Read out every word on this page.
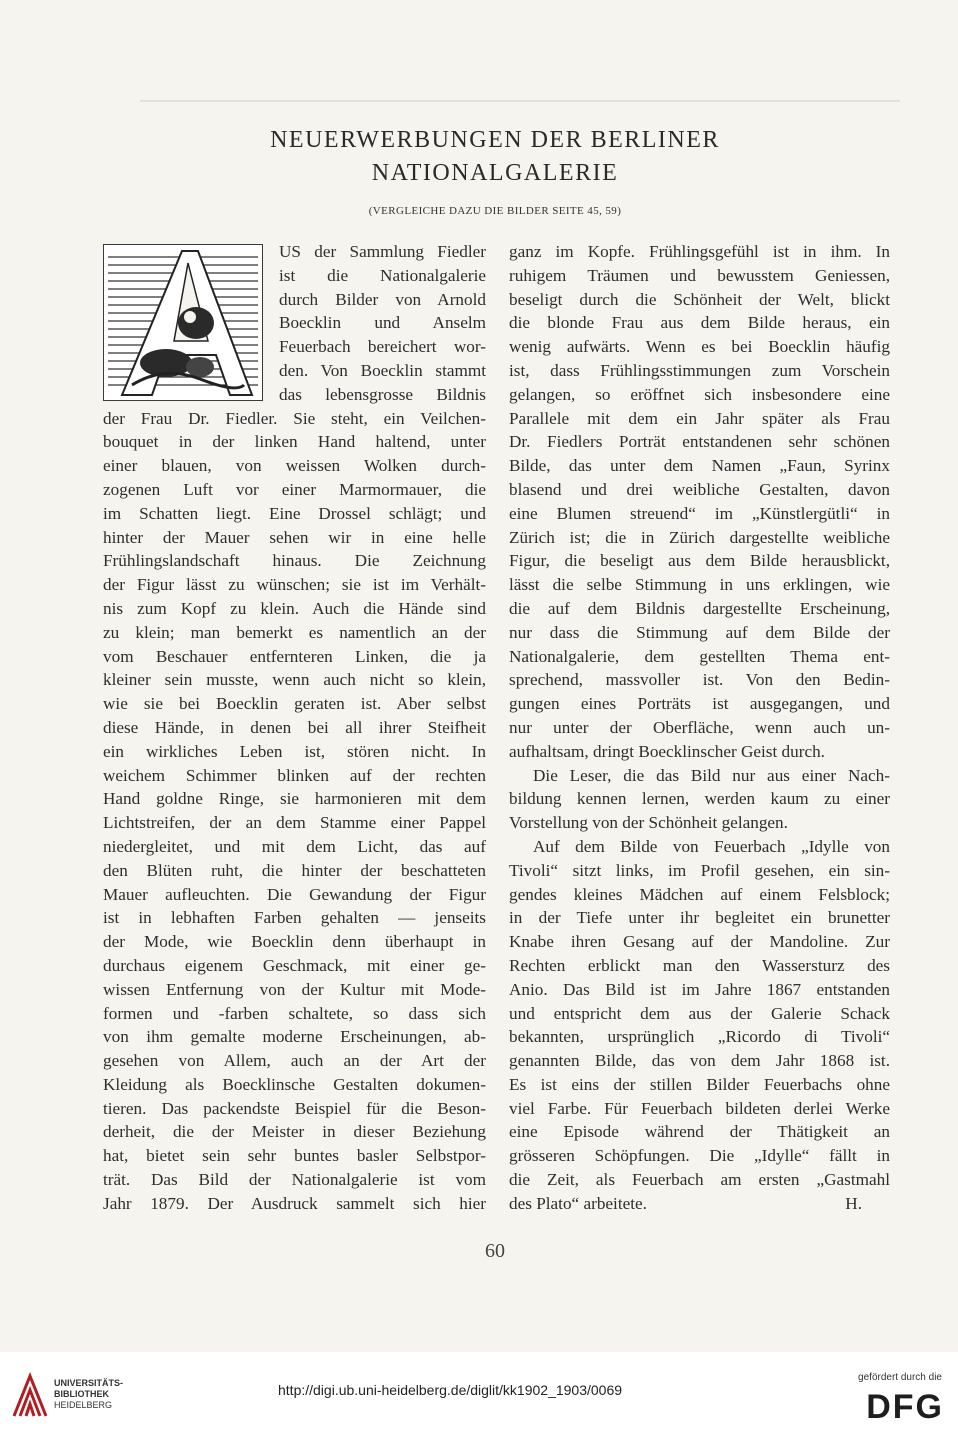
NEUERWERBUNGEN DER BERLINER
NATIONALGALERIE
(VERGLEICHE DAZU DIE BILDER SEITE 45, 59)
US der Sammlung Fiedler
ist die Nationalgalerie
durch Bilder von Arnold
Boecklin und Anselm
Feuerbach bereichert wor-
den. Von Boecklin stammt
das lebensgrosse Bildnis
der Frau Dr. Fiedler. Sie steht, ein Veilchen-
bouquet in der linken Hand haltend, unter
einer blauen, von weissen Wolken durch-
zogenen Luft vor einer Marmormauer, die
im Schatten liegt. Eine Drossel schlägt; und
hinter der Mauer sehen wir in eine helle
Frühlingslandschaft hinaus. Die Zeichnung
der Figur lässt zu wünschen; sie ist im Verhält-
nis zum Kopf zu klein. Auch die Hände sind
zu klein; man bemerkt es namentlich an der
vom Beschauer entfernteren Linken, die ja
kleiner sein musste, wenn auch nicht so klein,
wie sie bei Boecklin geraten ist. Aber selbst
diese Hände, in denen bei all ihrer Steifheit
ein wirkliches Leben ist, stören nicht. In
weichem Schimmer blinken auf der rechten
Hand goldne Ringe, sie harmonieren mit dem
Lichtstreifen, der an dem Stamme einer Pappel
niedergleitet, und mit dem Licht, das auf
den Blüten ruht, die hinter der beschatteten
Mauer aufleuchten. Die Gewandung der Figur
ist in lebhaften Farben gehalten — jenseits
der Mode, wie Boecklin denn überhaupt in
durchaus eigenem Geschmack, mit einer ge-
wissen Entfernung von der Kultur mit Mode-
formen und -farben schaltete, so dass sich
von ihm gemalte moderne Erscheinungen, ab-
gesehen von Allem, auch an der Art der
Kleidung als Boecklinsche Gestalten dokumen-
tieren. Das packendste Beispiel für die Beson-
derheit, die der Meister in dieser Beziehung
hat, bietet sein sehr buntes basler Selbstpor-
trät. Das Bild der Nationalgalerie ist vom
Jahr 1879. Der Ausdruck sammelt sich hier
ganz im Kopfe. Frühlingsgefühl ist in ihm. In
ruhigem Träumen und bewusstem Geniessen,
beseligt durch die Schönheit der Welt, blickt
die blonde Frau aus dem Bilde heraus, ein
wenig aufwärts. Wenn es bei Boecklin häufig
ist, dass Frühlingsstimmungen zum Vorschein
gelangen, so eröffnet sich insbesondere eine
Parallele mit dem ein Jahr später als Frau
Dr. Fiedlers Porträt entstandenen sehr schönen
Bilde, das unter dem Namen „Faun, Syrinx
blasend und drei weibliche Gestalten, davon
eine Blumen streuend“ im „Künstlergütli“ in
Zürich ist; die in Zürich dargestellte weibliche
Figur, die beseligt aus dem Bilde herausblickt,
lässt die selbe Stimmung in uns erklingen, wie
die auf dem Bildnis dargestellte Erscheinung,
nur dass die Stimmung auf dem Bilde der
Nationalgalerie, dem gestellten Thema ent-
sprechend, massvoller ist. Von den Bedin-
gungen eines Porträts ist ausgegangen, und
nur unter der Oberfläche, wenn auch un-
aufhaltsam, dringt Boecklinscher Geist durch.
Die Leser, die das Bild nur aus einer Nach-
bildung kennen lernen, werden kaum zu einer
Vorstellung von der Schönheit gelangen.
Auf dem Bilde von Feuerbach „Idylle von
Tivoli“ sitzt links, im Profil gesehen, ein sin-
gendes kleines Mädchen auf einem Felsblock;
in der Tiefe unter ihr begleitet ein brunetter
Knabe ihren Gesang auf der Mandoline. Zur
Rechten erblickt man den Wassersturz des
Anio. Das Bild ist im Jahre 1867 entstanden
und entspricht dem aus der Galerie Schack
bekannten, ursprünglich „Ricordo di Tivoli“
genannten Bilde, das von dem Jahr 1868 ist.
Es ist eins der stillen Bilder Feuerbachs ohne
viel Farbe. Für Feuerbach bildeten derlei Werke
eine Episode während der Thätigkeit an
grösseren Schöpfungen. Die „Idylle“ fällt in
die Zeit, als Feuerbach am ersten „Gastmahl
des Plato“ arbeitete.	H.
60
UNIVERSITÄTS-
BIBLIOTHEK
HEIDELBERG
http://digi.ub.uni-heidelberg.de/diglit/kk1902_1903/0069
gefördert durch die
DFG
